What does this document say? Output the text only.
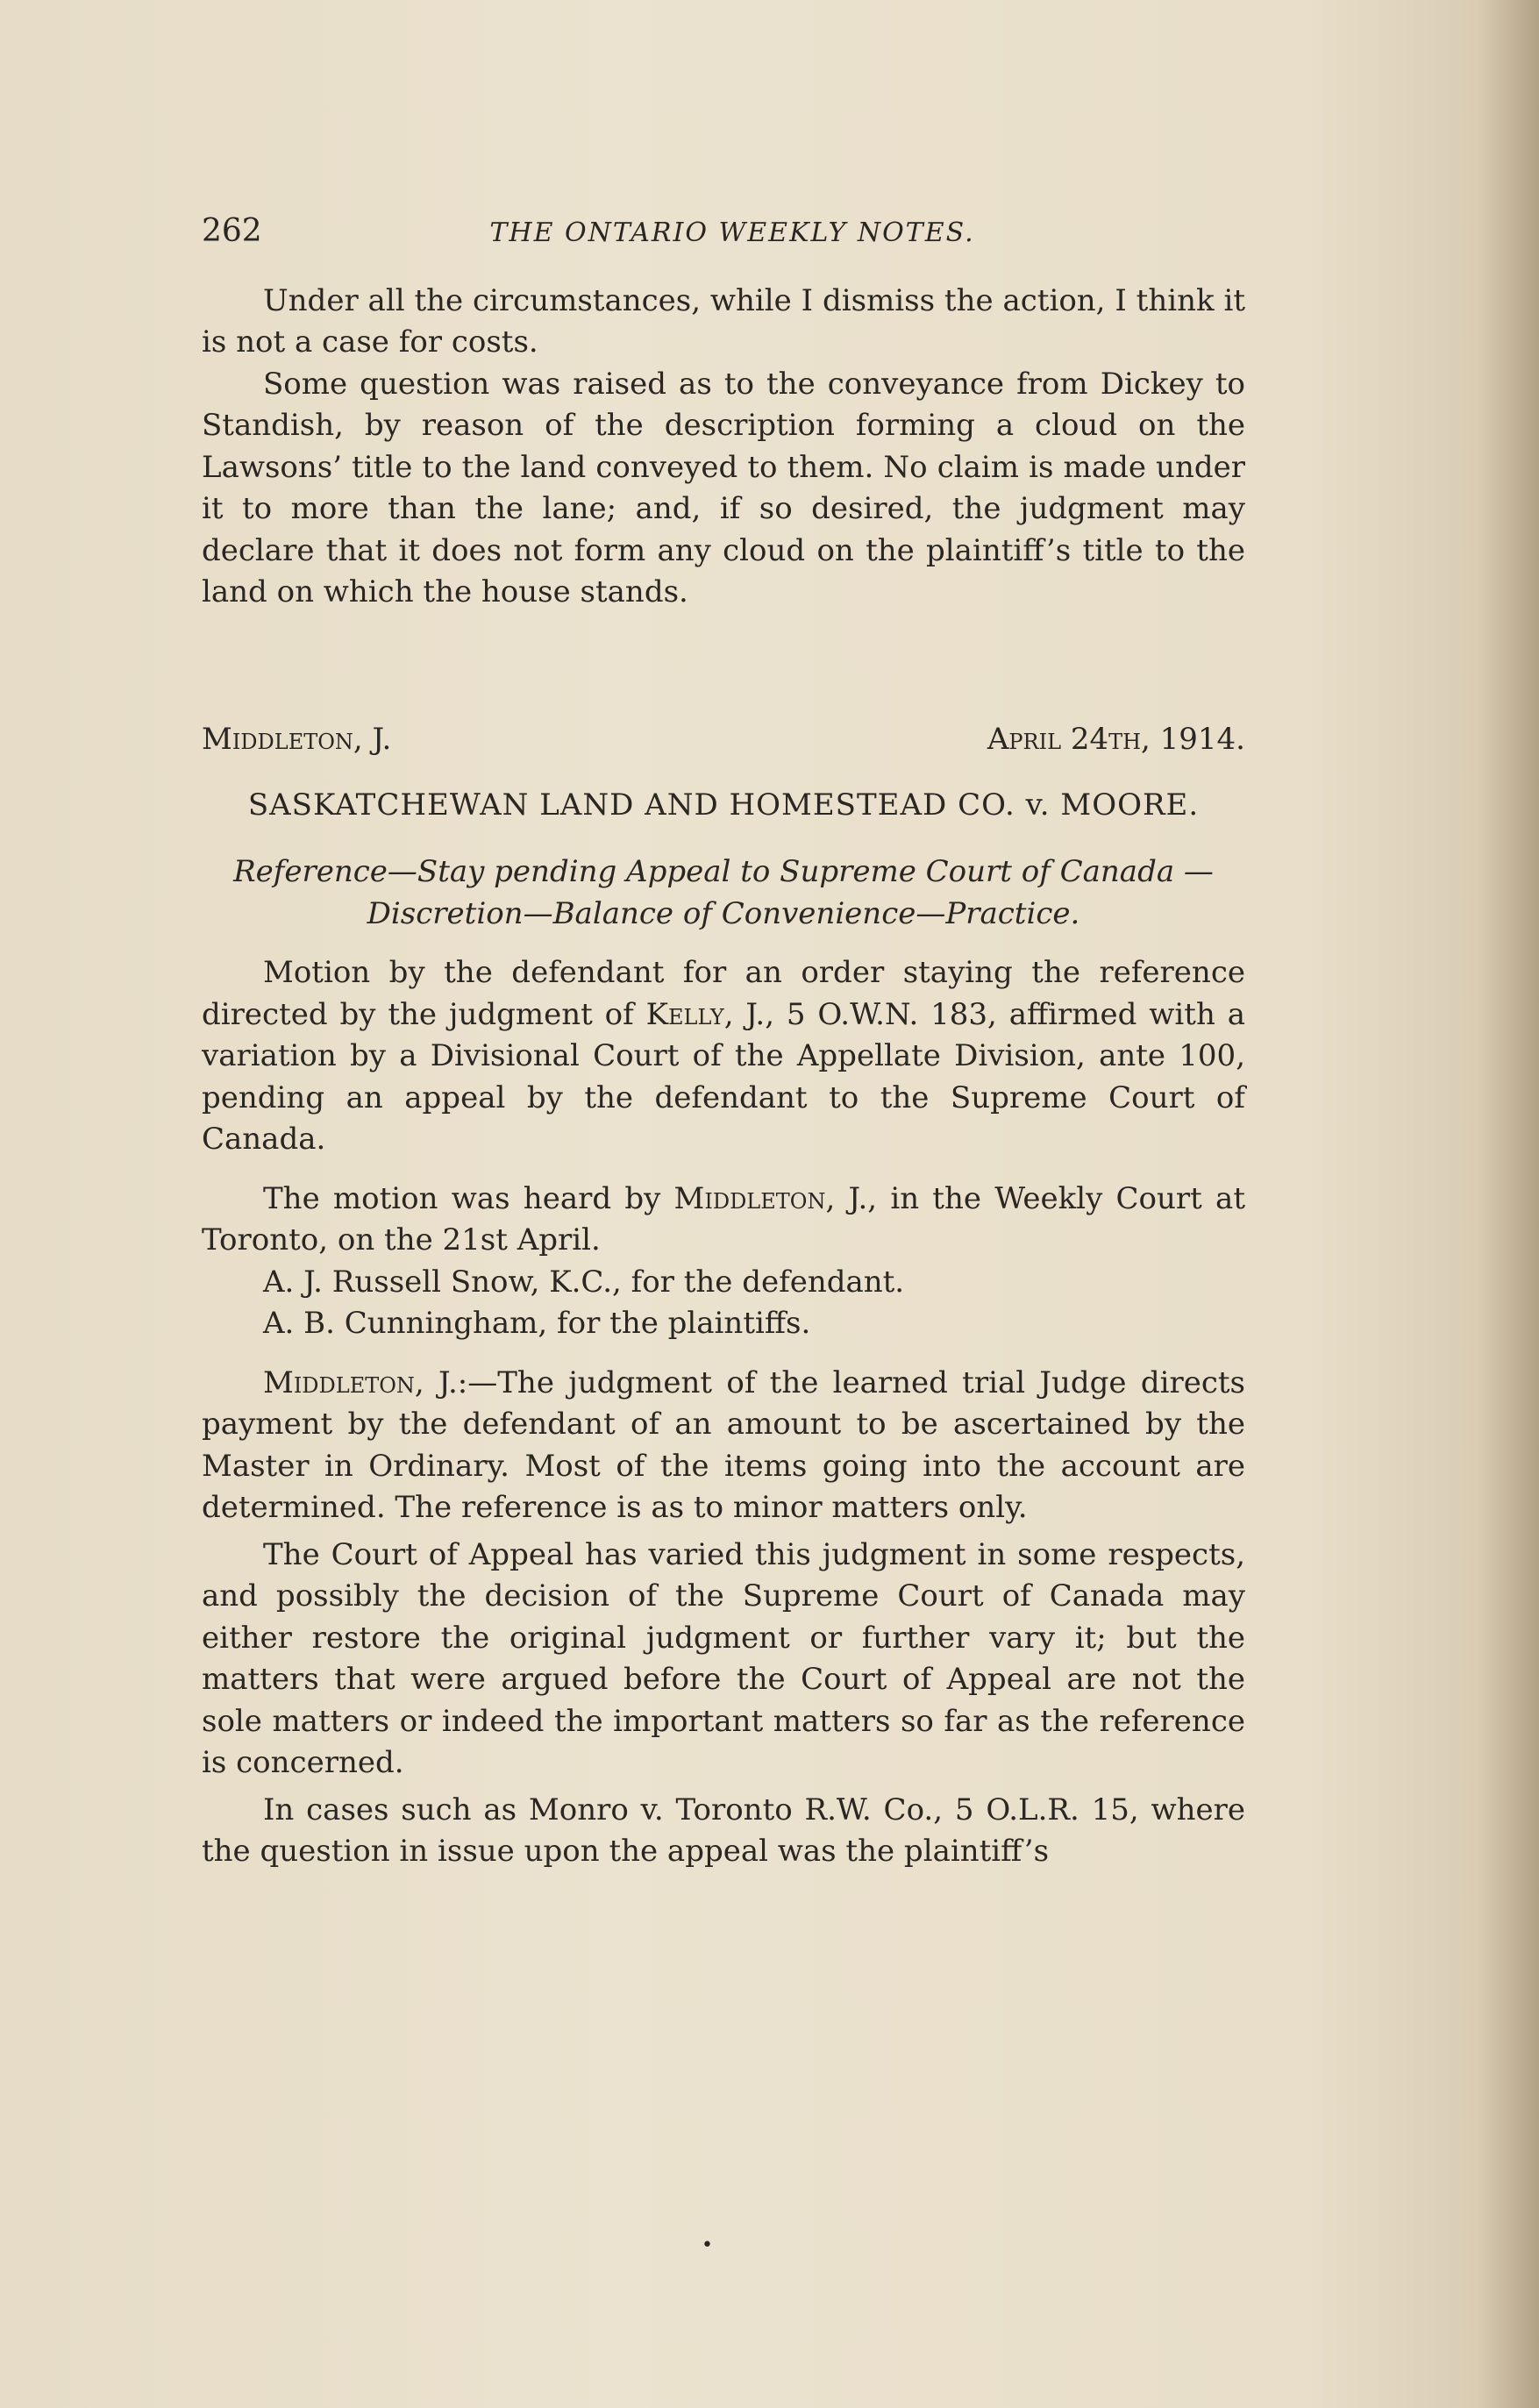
262	THE ONTARIO WEEKLY NOTES.

Under all the circumstances, while I dismiss the action, I think it is not a case for costs.

Some question was raised as to the conveyance from Dickey to Standish, by reason of the description forming a cloud on the Lawsons’ title to the land conveyed to them. No claim is made under it to more than the lane; and, if so desired, the judgment may declare that it does not form any cloud on the plaintiff’s title to the land on which the house stands.

Middleton, J.	April 24th, 1914.
SASKATCHEWAN LAND AND HOMESTEAD CO. v. MOORE.
Reference—Stay pending Appeal to Supreme Court of Canada —Discretion—Balance of Convenience—Practice.

Motion by the defendant for an order staying the reference directed by the judgment of Kelly, J., 5 O.W.N. 183, affirmed with a variation by a Divisional Court of the Appellate Division, ante 100, pending an appeal by the defendant to the Supreme Court of Canada.

The motion was heard by Middleton, J., in the Weekly Court at Toronto, on the 21st April.

A. J. Russell Snow, K.C., for the defendant.

A. B. Cunningham, for the plaintiffs.

Middleton, J.:—The judgment of the learned trial Judge directs payment by the defendant of an amount to be ascertained by the Master in Ordinary. Most of the items going into the account are determined. The reference is as to minor matters only.

The Court of Appeal has varied this judgment in some respects, and possibly the decision of the Supreme Court of Canada may either restore the original judgment or further vary it; but the matters that were argued before the Court of Appeal are not the sole matters or indeed the important matters so far as the reference is concerned.

In cases such as Monro v. Toronto R.W. Co., 5 O.L.R. 15, where the question in issue upon the appeal was the plaintiff’s

•
